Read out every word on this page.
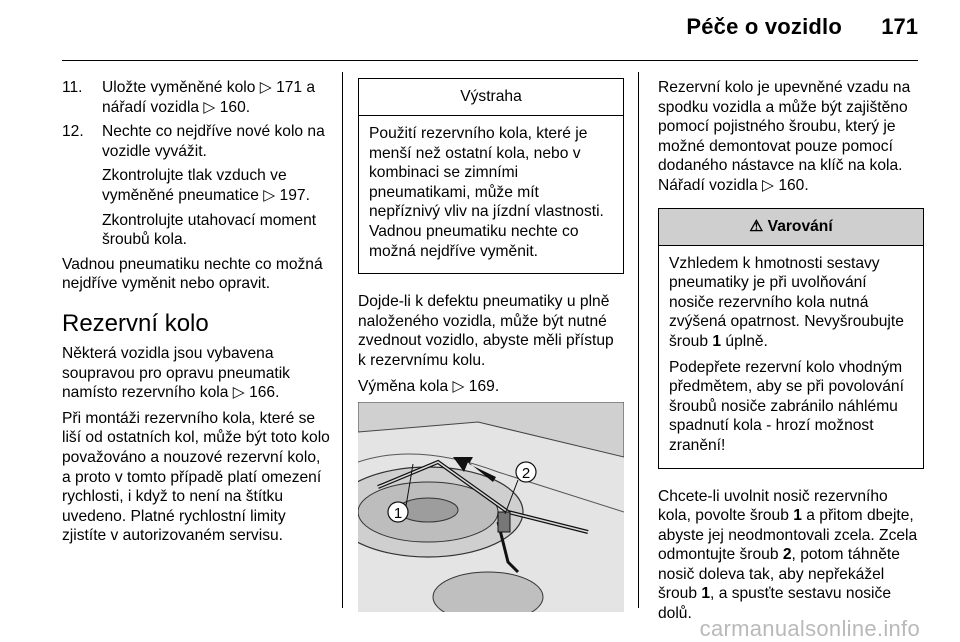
Péče o vozidlo 171
11. Uložte vyměněné kolo ▷ 171 a nářadí vozidla ▷ 160.
12. Nechte co nejdříve nové kolo na vozidle vyvážit.
Zkontrolujte tlak vzduch ve vyměněné pneumatice ▷ 197.
Zkontrolujte utahovací moment šroubů kola.

Vadnou pneumatiku nechte co možná nejdříve vyměnit nebo opravit.

Rezervní kolo

Některá vozidla jsou vybavena soupravou pro opravu pneumatik namísto rezervního kola ▷ 166.

Při montáži rezervního kola, které se liší od ostatních kol, může být toto kolo považováno a nouzové rezervní kolo, a proto v tomto případě platí omezení rychlosti, i když to není na štítku uvedeno. Platné rychlostní limity zjistíte v autorizovaném servisu.

Výstraha

Použití rezervního kola, které je menší než ostatní kola, nebo v kombinaci se zimními pneumatikami, může mít nepříznivý vliv na jízdní vlastnosti. Vadnou pneumatiku nechte co možná nejdříve vyměnit.

Dojde-li k defektu pneumatiky u plně naloženého vozidla, může být nutné zvednout vozidlo, abyste měli přístup k rezervnímu kolu.

Výměna kola ▷ 169.

1
2

Rezervní kolo je upevněné vzadu na spodku vozidla a může být zajištěno pomocí pojistného šroubu, který je možné demontovat pouze pomocí dodaného nástavce na klíč na kola. Nářadí vozidla ▷ 160.

⚠ Varování

Vzhledem k hmotnosti sestavy pneumatiky je při uvolňování nosiče rezervního kola nutná zvýšená opatrnost. Nevyšroubujte šroub 1 úplně.

Podepřete rezervní kolo vhodným předmětem, aby se při povolování šroubů nosiče zabránilo náhlému spadnutí kola - hrozí možnost zranění!

Chcete-li uvolnit nosič rezervního kola, povolte šroub 1 a přitom dbejte, abyste jej neodmontovali zcela. Zcela odmontujte šroub 2, potom táhněte nosič doleva tak, aby nepřekážel šroub 1, a spusťte sestavu nosiče dolů.

carmanualsonline.info
